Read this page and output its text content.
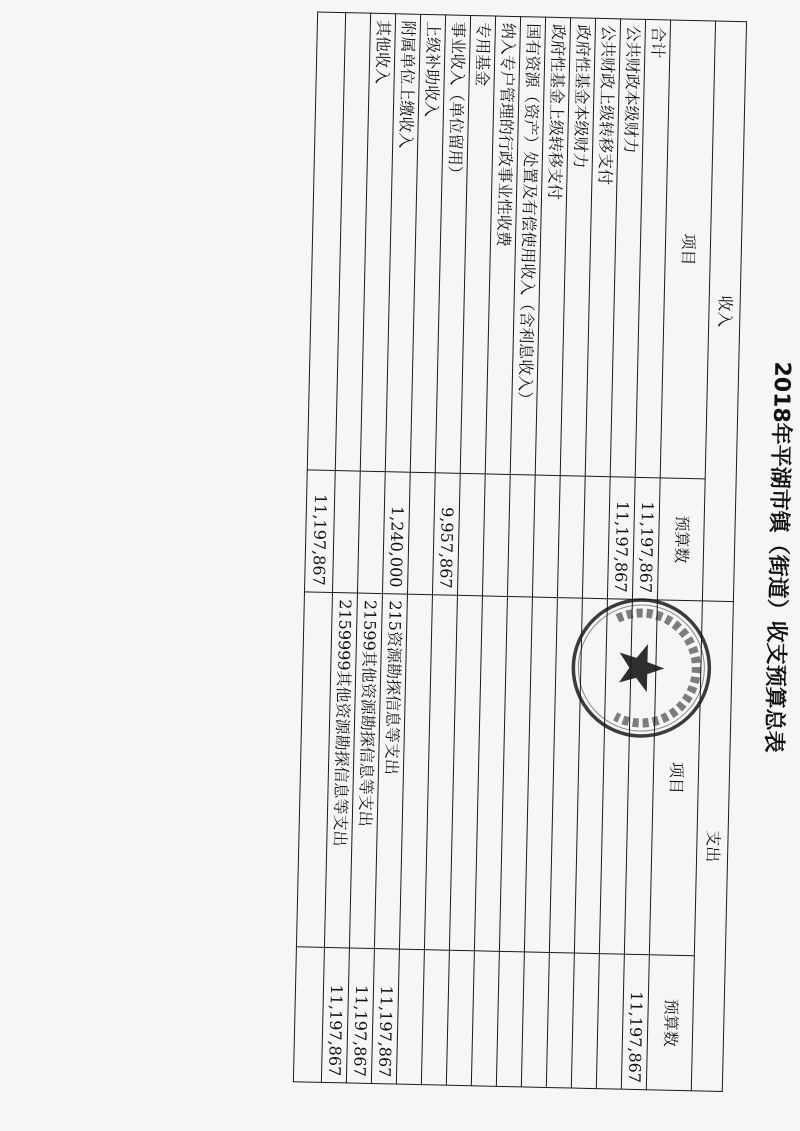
2018年平湖市镇（街道）收支预算总表
收入		支出	
项目	预算数	项目	预算数
合计	11,197,867		11,197,867
公共财政本级财力	11,197,867		
公共财政上级转移支付			
政府性基金本级财力			
政府性基金上级转移支付			
国有资源（资产）处置及有偿使用收入（含利息收入）			
纳入专户管理的行政事业性收费			
专用基金			
事业收入（单位留用）	9,957,867		
上级补助收入			
附属单位上缴收入	1,240,000	215资源勘探信息等支出	11,197,867
其他收入		21599其他资源勘探信息等支出	11,197,867
		2159999其他资源勘探信息等支出	11,197,867
	11,197,867		
